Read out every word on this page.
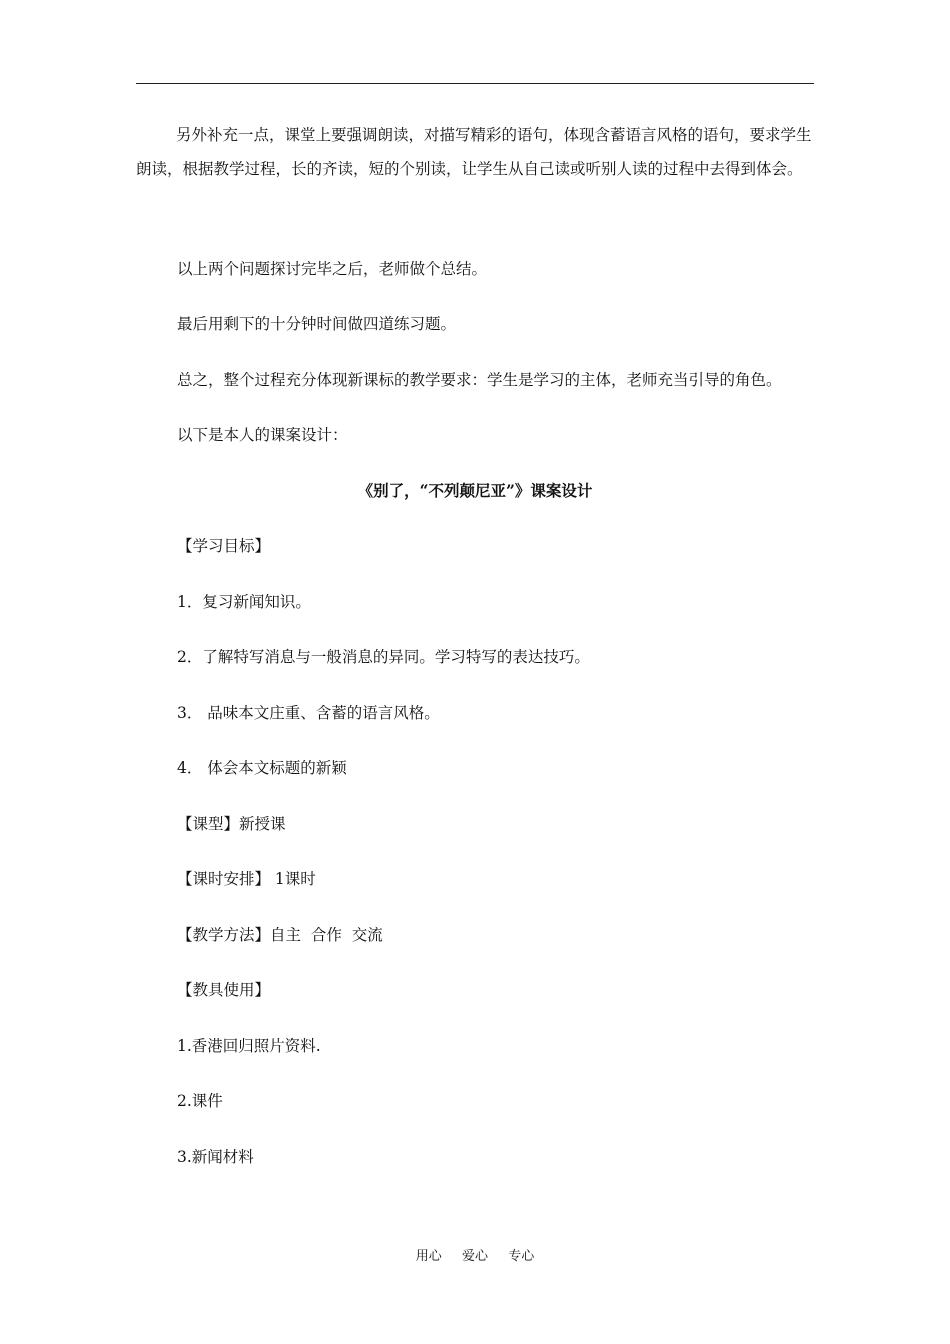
另外补充一点，课堂上要强调朗读，对描写精彩的语句，体现含蓄语言风格的语句，要求学生朗读，根据教学过程，长的齐读，短的个别读，让学生从自己读或听别人读的过程中去得到体会。

以上两个问题探讨完毕之后，老师做个总结。

最后用剩下的十分钟时间做四道练习题。

总之，整个过程充分体现新课标的教学要求：学生是学习的主体，老师充当引导的角色。

以下是本人的课案设计：

《别了，“不列颠尼亚”》课案设计

【学习目标】

1．复习新闻知识。

2．了解特写消息与一般消息的异同。学习特写的表达技巧。

3． 品味本文庄重、含蓄的语言风格。

4． 体会本文标题的新颖

【课型】新授课

【课时安排】 1课时

【教学方法】自主  合作  交流

【教具使用】

1.香港回归照片资料.

2.课件

3.新闻材料

用心  爱心  专心
